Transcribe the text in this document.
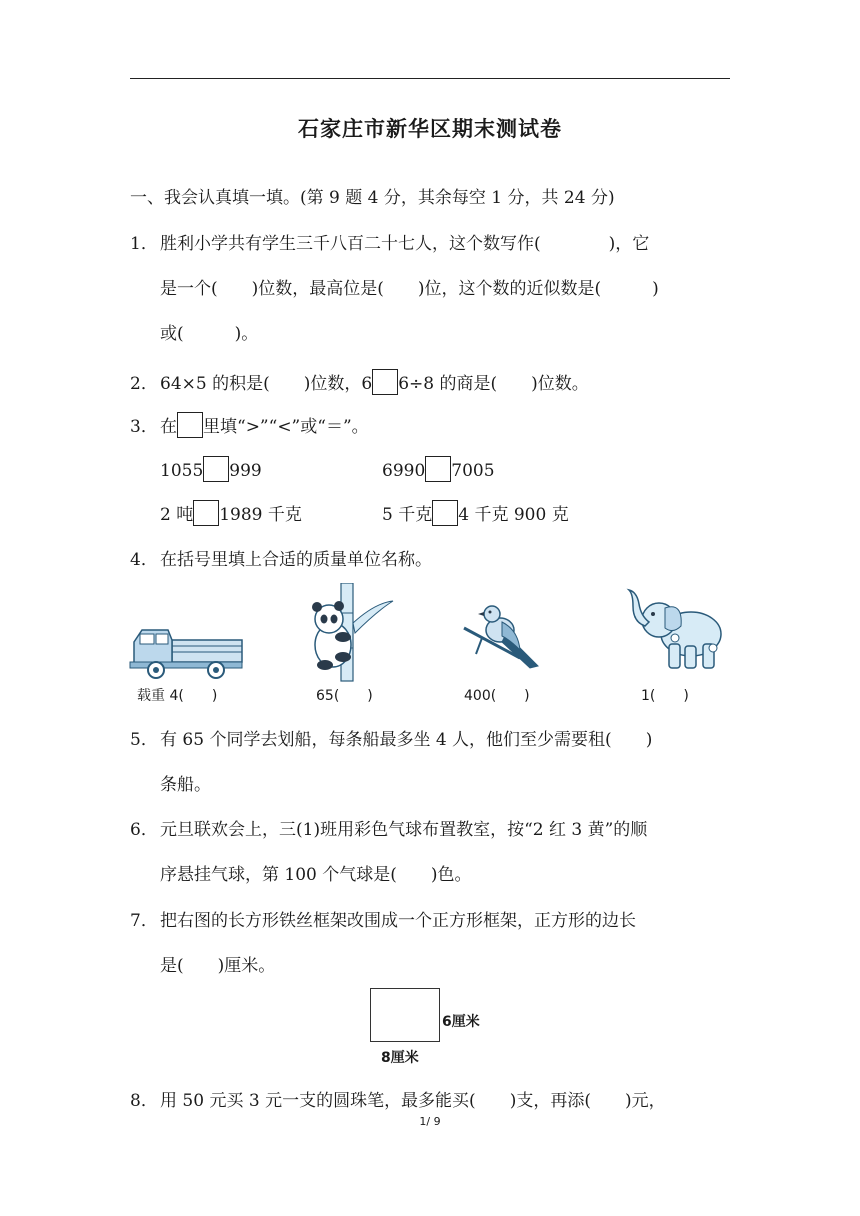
石家庄市新华区期末测试卷
一、我会认真填一填。(第 9 题 4 分，其余每空 1 分，共 24 分)
1． 胜利小学共有学生三千八百二十七人，这个数写作(　　　　)，它
是一个(　　)位数，最高位是(　　)位，这个数的近似数是(　　　)
或(　　　)。
2． 64×5 的积是(　　)位数，6 6÷8 的商是(　　)位数。
3． 在 里填“>”“<”或“＝”。
1055 999	6990 7005
2 吨 1989 千克	5 千克 4 千克 900 克
4． 在括号里填上合适的质量单位名称。
载重 4(　　)	65(　　)	400(　　)	1(　　)
5． 有 65 个同学去划船，每条船最多坐 4 人，他们至少需要租(　　)
条船。
6． 元旦联欢会上，三(1)班用彩色气球布置教室，按“2 红 3 黄”的顺
序悬挂气球，第 100 个气球是(　　)色。
7． 把右图的长方形铁丝框架改围成一个正方形框架，正方形的边长
是(　　)厘米。
6厘米
8厘米
8． 用 50 元买 3 元一支的圆珠笔，最多能买(　　)支，再添(　　)元，
1/ 9
